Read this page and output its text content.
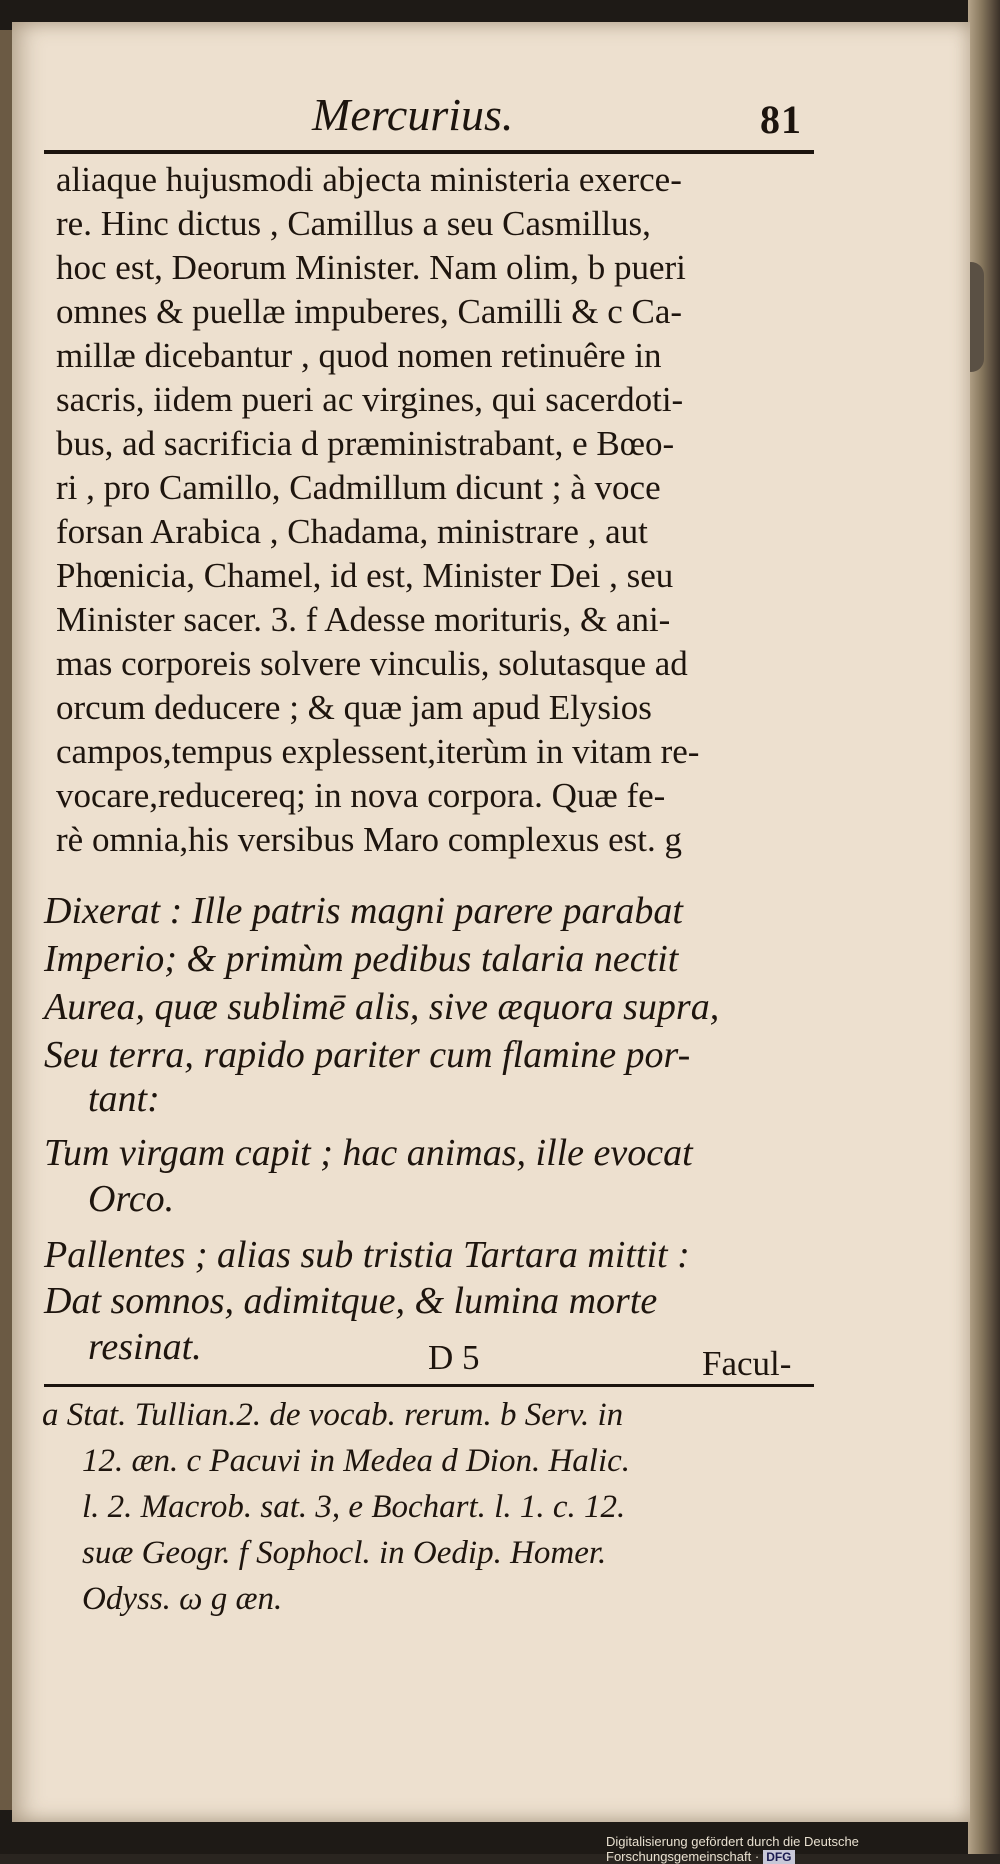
Mercurius.	81
aliaque hujusmodi abjecta ministeria exerce-
re. Hinc dictus , Camillus a seu Casmillus,
hoc est, Deorum Minister. Nam olim, b pueri
omnes & puellæ impuberes, Camilli & c Ca-
millæ dicebantur , quod nomen retinuêre in
sacris, iidem pueri ac virgines, qui sacerdoti-
bus, ad sacrificia d præministrabant, e Bœo-
ri , pro Camillo, Cadmillum dicunt ; à voce
forsan Arabica , Chadama, ministrare , aut
Phœnicia, Chamel, id est, Minister Dei , seu
Minister sacer. 3. f Adesse morituris, & ani-
mas corporeis solvere vinculis, solutasque ad
orcum deducere ; & quæ jam apud Elysios
campos,tempus explessent,iterùm in vitam re-
vocare,reducereq; in nova corpora. Quæ fe-
rè omnia,his versibus Maro complexus est. g
Dixerat : Ille patris magni parere parabat
Imperio; & primùm pedibus talaria nectit
Aurea, quæ sublimē alis, sive æquora supra,
Seu terra, rapido pariter cum flamine por-
tant:
Tum virgam capit ; hac animas, ille evocat
Orco.
Pallentes ; alias sub tristia Tartara mittit :
Dat somnos, adimitque, & lumina morte
resinat.	D 5	Facul-
a Stat. Tullian.2. de vocab. rerum. b Serv. in
12. æn. c Pacuvi in Medea d Dion. Halic.
l. 2. Macrob. sat. 3, e Bochart. l. 1. c. 12.
suæ Geogr. f Sophocl. in Oedip. Homer.
Odyss. ω g æn.
Digitalisierung gefördert durch die Deutsche Forschungsgemeinschaft · DFG
